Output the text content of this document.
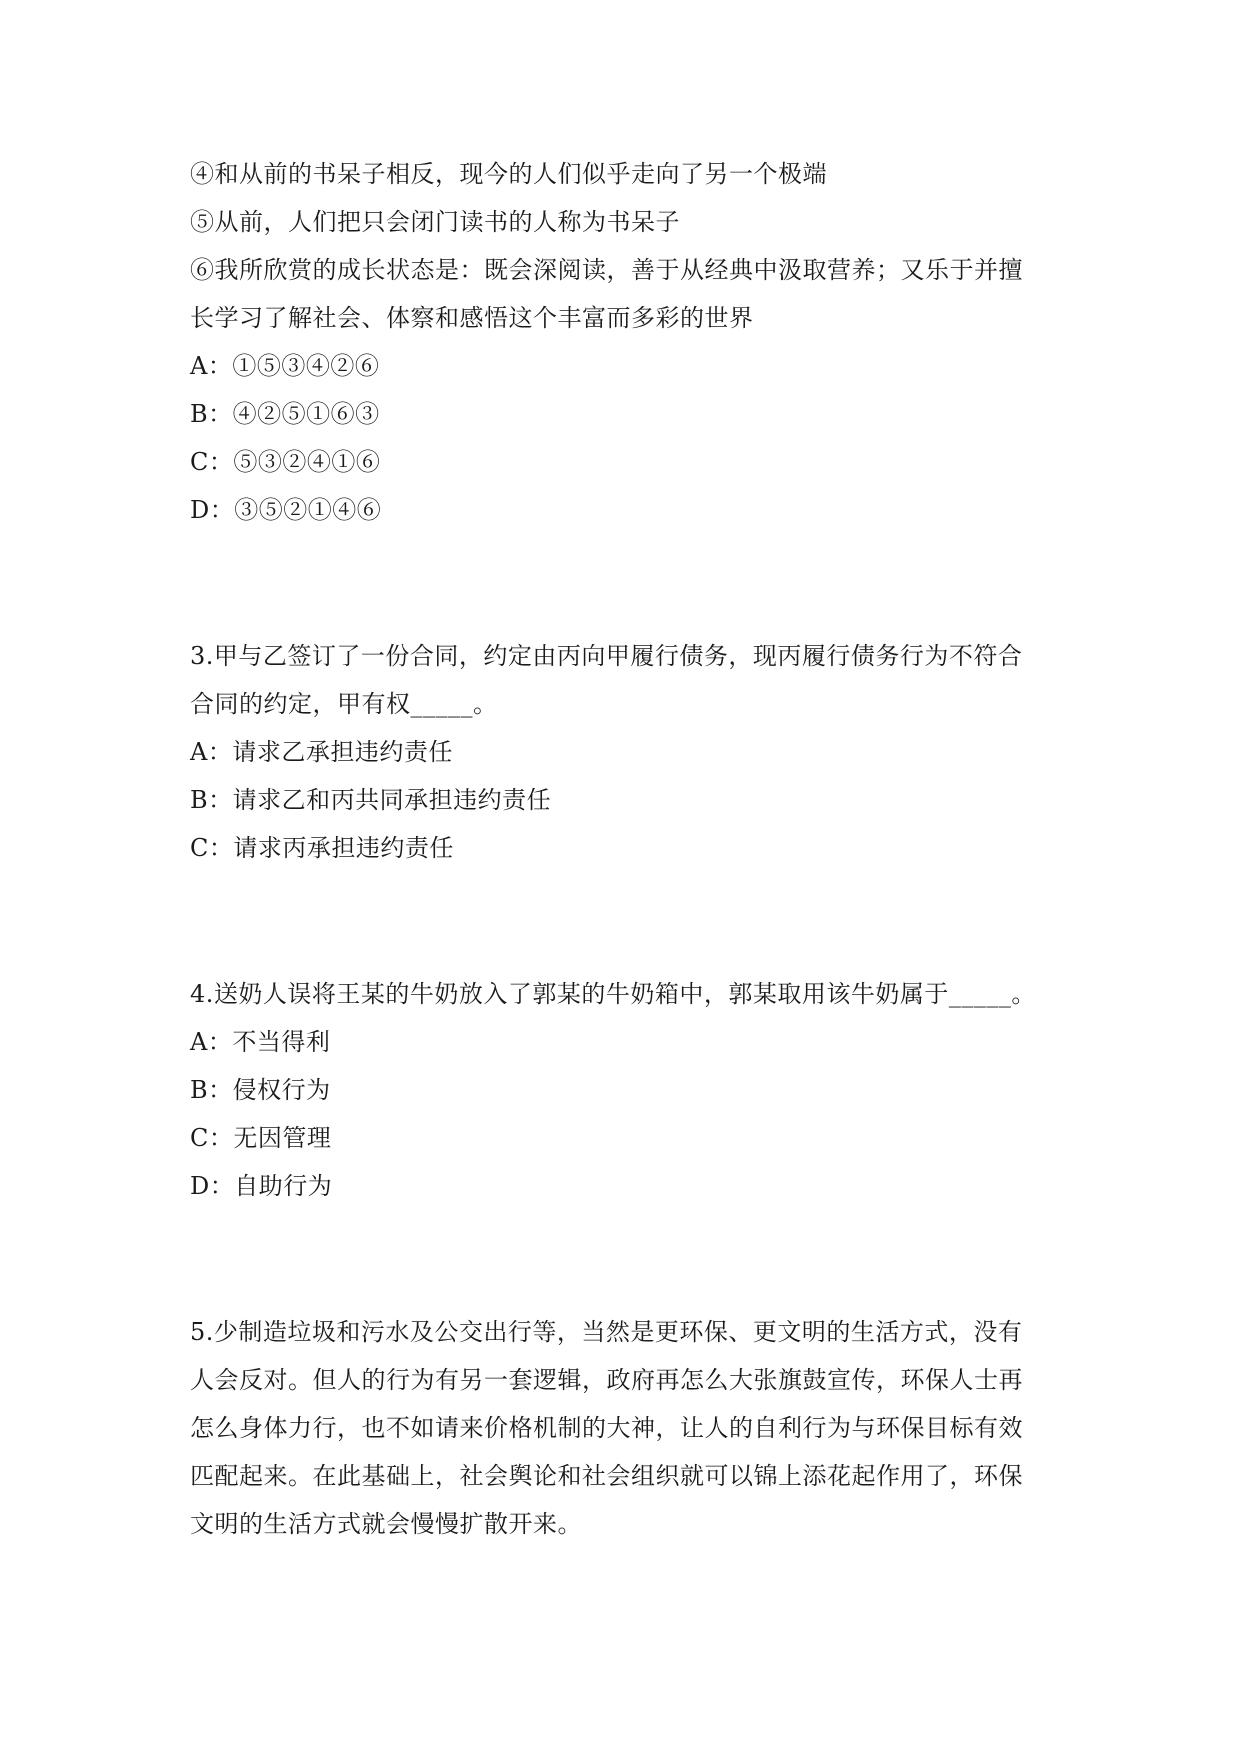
④和从前的书呆子相反，现今的人们似乎走向了另一个极端
⑤从前，人们把只会闭门读书的人称为书呆子
⑥我所欣赏的成长状态是：既会深阅读，善于从经典中汲取营养；又乐于并擅
长学习了解社会、体察和感悟这个丰富而多彩的世界
A：①⑤③④②⑥
B：④②⑤①⑥③
C：⑤③②④①⑥
D：③⑤②①④⑥
3.甲与乙签订了一份合同，约定由丙向甲履行债务，现丙履行债务行为不符合
合同的约定，甲有权_____。
A：请求乙承担违约责任
B：请求乙和丙共同承担违约责任
C：请求丙承担违约责任
4.送奶人误将王某的牛奶放入了郭某的牛奶箱中，郭某取用该牛奶属于_____。
A：不当得利
B：侵权行为
C：无因管理
D：自助行为
5.少制造垃圾和污水及公交出行等，当然是更环保、更文明的生活方式，没有
人会反对。但人的行为有另一套逻辑，政府再怎么大张旗鼓宣传，环保人士再
怎么身体力行，也不如请来价格机制的大神，让人的自利行为与环保目标有效
匹配起来。在此基础上，社会舆论和社会组织就可以锦上添花起作用了，环保
文明的生活方式就会慢慢扩散开来。
